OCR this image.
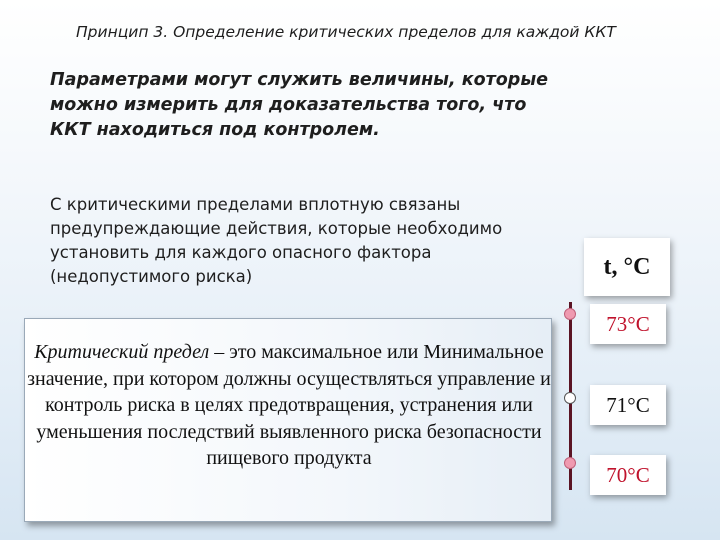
Принцип 3. Определение критических пределов для каждой ККТ
Параметрами могут служить величины, которые можно измерить для доказательства того, что ККТ находиться под контролем.
С критическими пределами вплотную связаны предупреждающие действия, которые необходимо установить для каждого опасного фактора (недопустимого риска)
Критический предел – это максимальное или Минимальное значение, при котором должны осуществляться управление и контроль риска в целях предотвращения, устранения или уменьшения последствий выявленного риска безопасности пищевого продукта
t, °C
73°C
71°C
70°C
